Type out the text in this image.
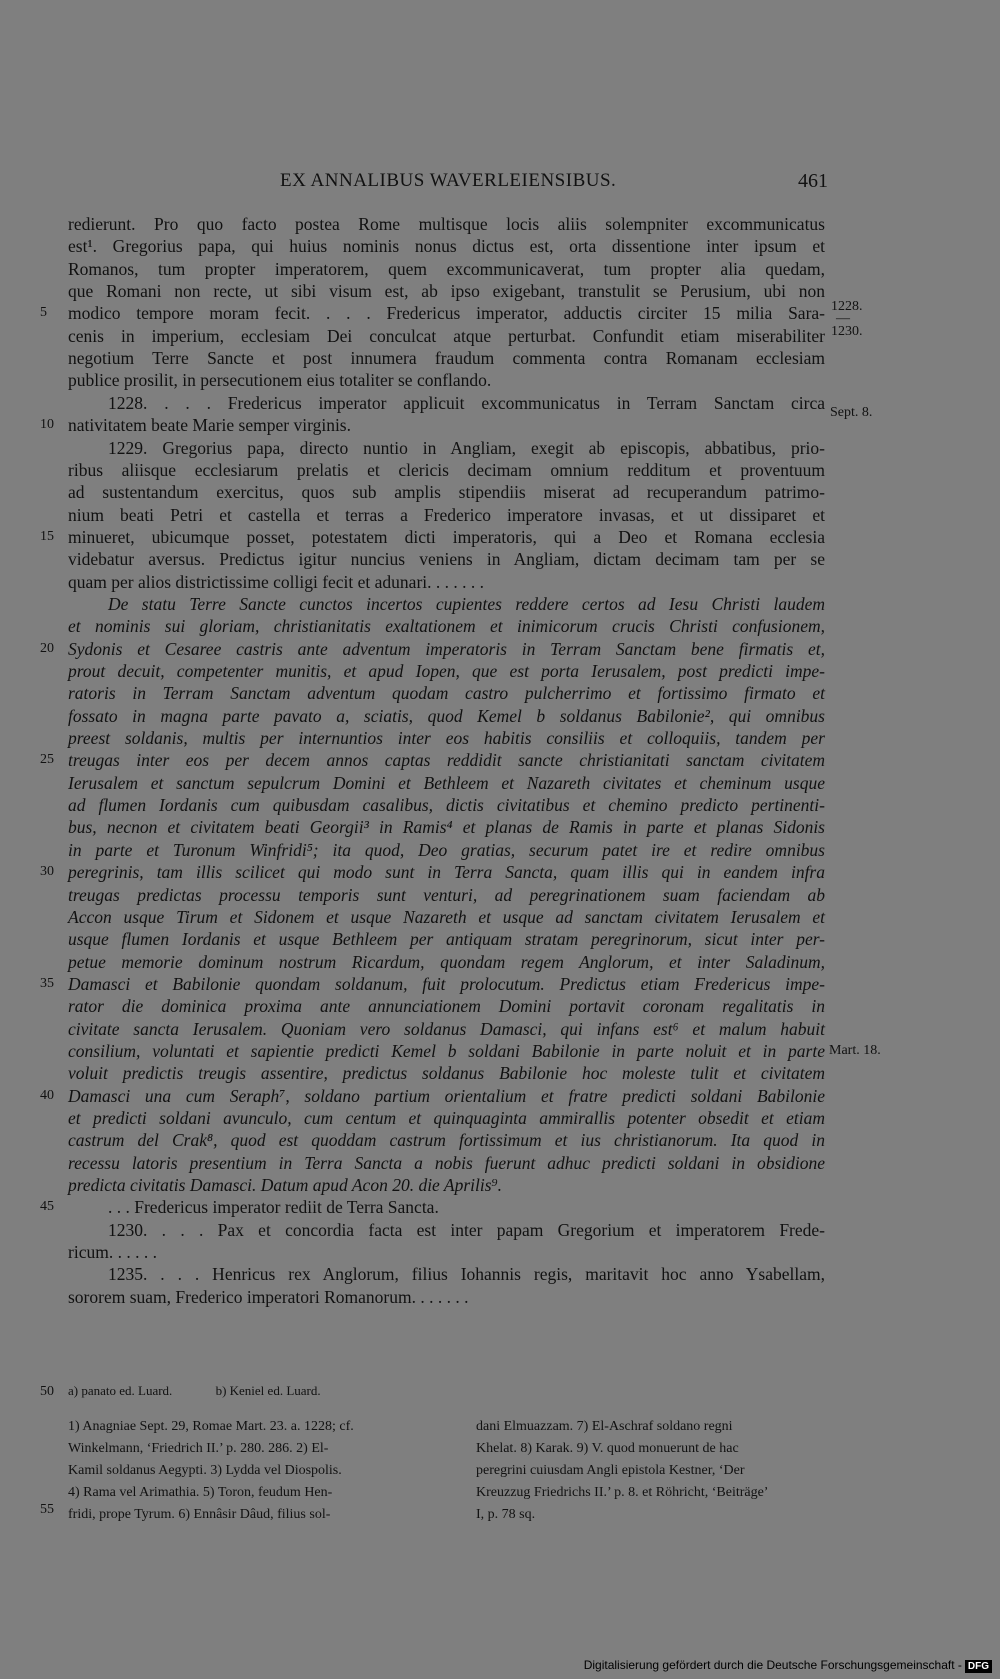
EX ANNALIBUS WAVERLEIENSIBUS.	461
redierunt. Pro quo facto postea Rome multisque locis aliis solempniter excommunicatus
est¹. Gregorius papa, qui huius nominis nonus dictus est, orta dissentione inter ipsum et
Romanos, tum propter imperatorem, quem excommunicaverat, tum propter alia quedam,
que Romani non recte, ut sibi visum est, ab ipso exigebant, transtulit se Perusium, ubi non
modico tempore moram fecit. . . . Fredericus imperator, adductis circiter 15 milia Sara-
5
cenis in imperium, ecclesiam Dei conculcat atque perturbat. Confundit etiam miserabiliter
negotium Terre Sancte et post innumera fraudum commenta contra Romanam ecclesiam
publice prosilit, in persecutionem eius totaliter se conflando.
1228. . . . Fredericus imperator applicuit excommunicatus in Terram Sanctam circa
nativitatem beate Marie semper virginis.
10
1229. Gregorius papa, directo nuntio in Angliam, exegit ab episcopis, abbatibus, prio-
ribus aliisque ecclesiarum prelatis et clericis decimam omnium redditum et proventuum
ad sustentandum exercitus, quos sub amplis stipendiis miserat ad recuperandum patrimo-
nium beati Petri et castella et terras a Frederico imperatore invasas, et ut dissiparet et
minueret, ubicumque posset, potestatem dicti imperatoris, qui a Deo et Romana ecclesia
15
videbatur aversus. Predictus igitur nuncius veniens in Angliam, dictam decimam tam per se
quam per alios districtissime colligi fecit et adunari. . . . . . .
De statu Terre Sancte cunctos incertos cupientes reddere certos ad Iesu Christi laudem
et nominis sui gloriam, christianitatis exaltationem et inimicorum crucis Christi confusionem,
Sydonis et Cesaree castris ante adventum imperatoris in Terram Sanctam bene firmatis et,
20
prout decuit, competenter munitis, et apud Iopen, que est porta Ierusalem, post predicti impe-
ratoris in Terram Sanctam adventum quodam castro pulcherrimo et fortissimo firmato et
fossato in magna parte pavato a, sciatis, quod Kemel b soldanus Babilonie², qui omnibus
preest soldanis, multis per internuntios inter eos habitis consiliis et colloquiis, tandem per
treugas inter eos per decem annos captas reddidit sancte christianitati sanctam civitatem
25
Ierusalem et sanctum sepulcrum Domini et Bethleem et Nazareth civitates et cheminum usque
ad flumen Iordanis cum quibusdam casalibus, dictis civitatibus et chemino predicto pertinenti-
bus, necnon et civitatem beati Georgii³ in Ramis⁴ et planas de Ramis in parte et planas Sidonis
in parte et Turonum Winfridi⁵; ita quod, Deo gratias, securum patet ire et redire omnibus
peregrinis, tam illis scilicet qui modo sunt in Terra Sancta, quam illis qui in eandem infra
30
treugas predictas processu temporis sunt venturi, ad peregrinationem suam faciendam ab
Accon usque Tirum et Sidonem et usque Nazareth et usque ad sanctam civitatem Ierusalem et
usque flumen Iordanis et usque Bethleem per antiquam stratam peregrinorum, sicut inter per-
petue memorie dominum nostrum Ricardum, quondam regem Anglorum, et inter Saladinum,
Damasci et Babilonie quondam soldanum, fuit prolocutum. Predictus etiam Fredericus impe-
35
rator die dominica proxima ante annunciationem Domini portavit coronam regalitatis in
civitate sancta Ierusalem. Quoniam vero soldanus Damasci, qui infans est⁶ et malum habuit
consilium, voluntati et sapientie predicti Kemel b soldani Babilonie in parte noluit et in parte
voluit predictis treugis assentire, predictus soldanus Babilonie hoc moleste tulit et civitatem
Damasci una cum Seraph⁷, soldano partium orientalium et fratre predicti soldani Babilonie
40
et predicti soldani avunculo, cum centum et quinquaginta ammirallis potenter obsedit et etiam
castrum del Crak⁸, quod est quoddam castrum fortissimum et ius christianorum. Ita quod in
recessu latoris presentium in Terra Sancta a nobis fuerunt adhuc predicti soldani in obsidione
predicta civitatis Damasci. Datum apud Acon 20. die Aprilis⁹.
. . . Fredericus imperator rediit de Terra Sancta.
45
1230. . . . Pax et concordia facta est inter papam Gregorium et imperatorem Frede-
ricum. . . . . .
1235. . . . Henricus rex Anglorum, filius Iohannis regis, maritavit hoc anno Ysabellam,
sororem suam, Frederico imperatori Romanorum. . . . . . .
1228.
—
1230.
Sept. 8.
Mart. 18.
50 a) panato ed. Luard.	b) Keniel ed. Luard.
1) Anagniae Sept. 29, Romae Mart. 23. a. 1228; cf.
Winkelmann, ‘Friedrich II.’ p. 280. 286. 2) El-
Kamil soldanus Aegypti. 3) Lydda vel Diospolis.
4) Rama vel Arimathia. 5) Toron, feudum Hen-
fridi, prope Tyrum. 6) Ennâsir Dâud, filius sol-
55
dani Elmuazzam. 7) El-Aschraf soldano regni
Khelat. 8) Karak. 9) V. quod monuerunt de hac
peregrini cuiusdam Angli epistola Kestner, ‘Der
Kreuzzug Friedrichs II.’ p. 8. et Röhricht, ‘Beiträge’
I, p. 78 sq.
Digitalisierung gefördert durch die Deutsche Forschungsgemeinschaft - DFG
